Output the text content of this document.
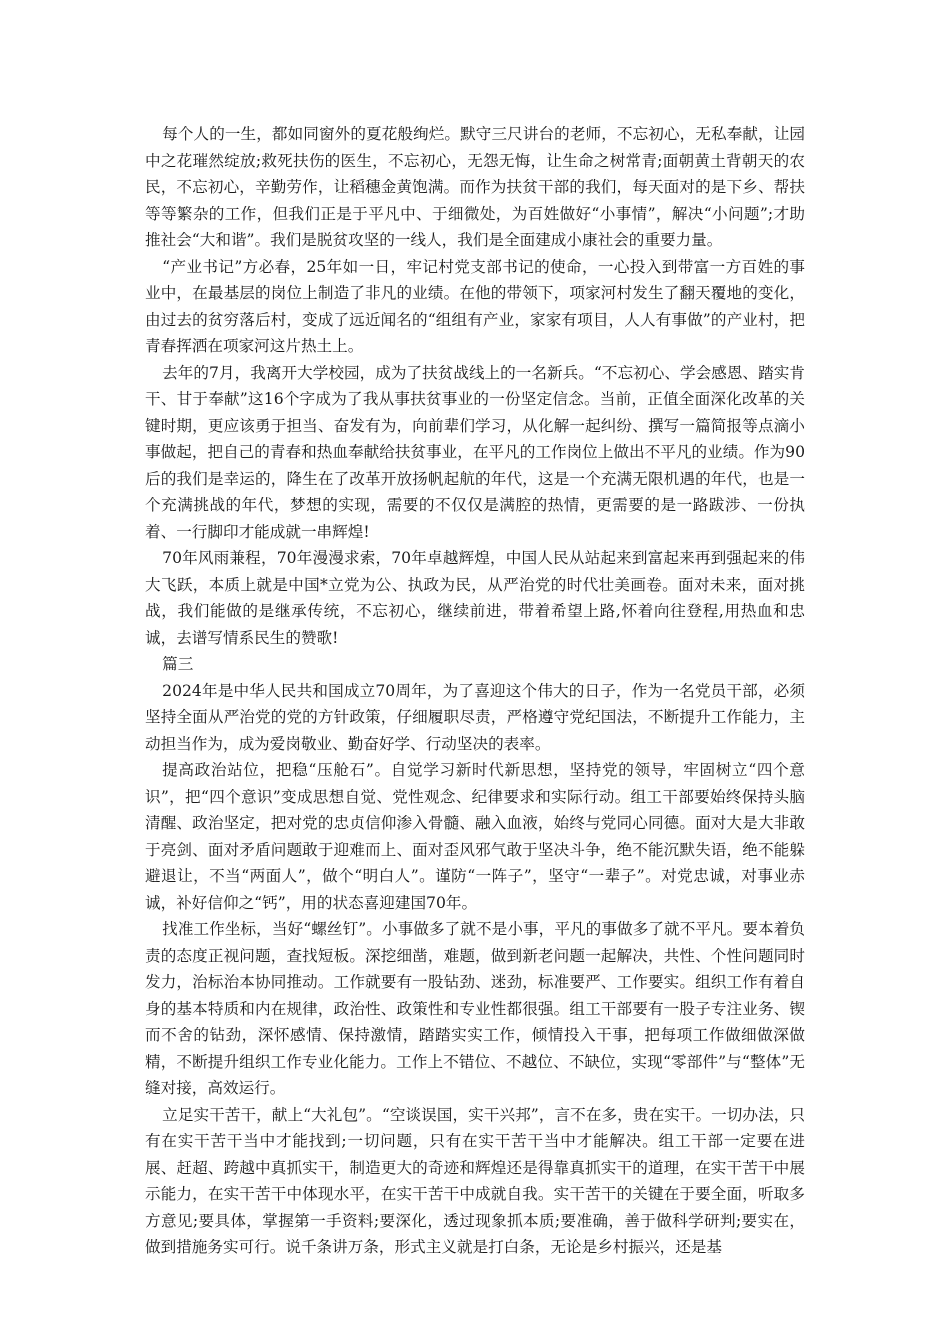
每个人的一生，都如同窗外的夏花般绚烂。默守三尺讲台的老师，不忘初心，无私奉献，让园中之花璀然绽放;救死扶伤的医生，不忘初心，无怨无悔，让生命之树常青;面朝黄土背朝天的农民，不忘初心，辛勤劳作，让稻穗金黄饱满。而作为扶贫干部的我们，每天面对的是下乡、帮扶等等繁杂的工作，但我们正是于平凡中、于细微处，为百姓做好“小事情”，解决“小问题”;才助推社会“大和谐”。我们是脱贫攻坚的一线人，我们是全面建成小康社会的重要力量。

“产业书记”方必春，25年如一日，牢记村党支部书记的使命，一心投入到带富一方百姓的事业中，在最基层的岗位上制造了非凡的业绩。在他的带领下，项家河村发生了翻天覆地的变化，由过去的贫穷落后村，变成了远近闻名的“组组有产业，家家有项目，人人有事做”的产业村，把青春挥洒在项家河这片热土上。

去年的7月，我离开大学校园，成为了扶贫战线上的一名新兵。“不忘初心、学会感恩、踏实肯干、甘于奉献”这16个字成为了我从事扶贫事业的一份坚定信念。当前，正值全面深化改革的关键时期，更应该勇于担当、奋发有为，向前辈们学习，从化解一起纠纷、撰写一篇简报等点滴小事做起，把自己的青春和热血奉献给扶贫事业，在平凡的工作岗位上做出不平凡的业绩。作为90后的我们是幸运的，降生在了改革开放扬帆起航的年代，这是一个充满无限机遇的年代，也是一个充满挑战的年代，梦想的实现，需要的不仅仅是满腔的热情，更需要的是一路跋涉、一份执着、一行脚印才能成就一串辉煌!

70年风雨兼程，70年漫漫求索，70年卓越辉煌，中国人民从站起来到富起来再到强起来的伟大飞跃，本质上就是中国*立党为公、执政为民，从严治党的时代壮美画卷。面对未来，面对挑战，我们能做的是继承传统，不忘初心，继续前进，带着希望上路,怀着向往登程,用热血和忠诚，去谱写情系民生的赞歌!

篇三

2024年是中华人民共和国成立70周年，为了喜迎这个伟大的日子，作为一名党员干部，必须坚持全面从严治党的党的方针政策，仔细履职尽责，严格遵守党纪国法，不断提升工作能力，主动担当作为，成为爱岗敬业、勤奋好学、行动坚决的表率。

提高政治站位，把稳“压舱石”。自觉学习新时代新思想，坚持党的领导，牢固树立“四个意识”，把“四个意识”变成思想自觉、党性观念、纪律要求和实际行动。组工干部要始终保持头脑清醒、政治坚定，把对党的忠贞信仰渗入骨髓、融入血液，始终与党同心同德。面对大是大非敢于亮剑、面对矛盾问题敢于迎难而上、面对歪风邪气敢于坚决斗争，绝不能沉默失语，绝不能躲避退让，不当“两面人”，做个“明白人”。谨防“一阵子”，坚守“一辈子”。对党忠诚，对事业赤诚，补好信仰之“钙”，用的状态喜迎建国70年。

找准工作坐标，当好“螺丝钉”。小事做多了就不是小事，平凡的事做多了就不平凡。要本着负责的态度正视问题，查找短板。深挖细凿，难题，做到新老问题一起解决，共性、个性问题同时发力，治标治本协同推动。工作就要有一股钻劲、迷劲，标准要严、工作要实。组织工作有着自身的基本特质和内在规律，政治性、政策性和专业性都很强。组工干部要有一股子专注业务、锲而不舍的钻劲，深怀感情、保持激情，踏踏实实工作，倾情投入干事，把每项工作做细做深做精，不断提升组织工作专业化能力。工作上不错位、不越位、不缺位，实现“零部件”与“整体”无缝对接，高效运行。

立足实干苦干，献上“大礼包”。“空谈误国，实干兴邦”，言不在多，贵在实干。一切办法，只有在实干苦干当中才能找到;一切问题，只有在实干苦干当中才能解决。组工干部一定要在进展、赶超、跨越中真抓实干，制造更大的奇迹和辉煌还是得靠真抓实干的道理，在实干苦干中展示能力，在实干苦干中体现水平，在实干苦干中成就自我。实干苦干的关键在于要全面，听取多方意见;要具体，掌握第一手资料;要深化，透过现象抓本质;要准确，善于做科学研判;要实在，做到措施务实可行。说千条讲万条，形式主义就是打白条，无论是乡村振兴，还是基
